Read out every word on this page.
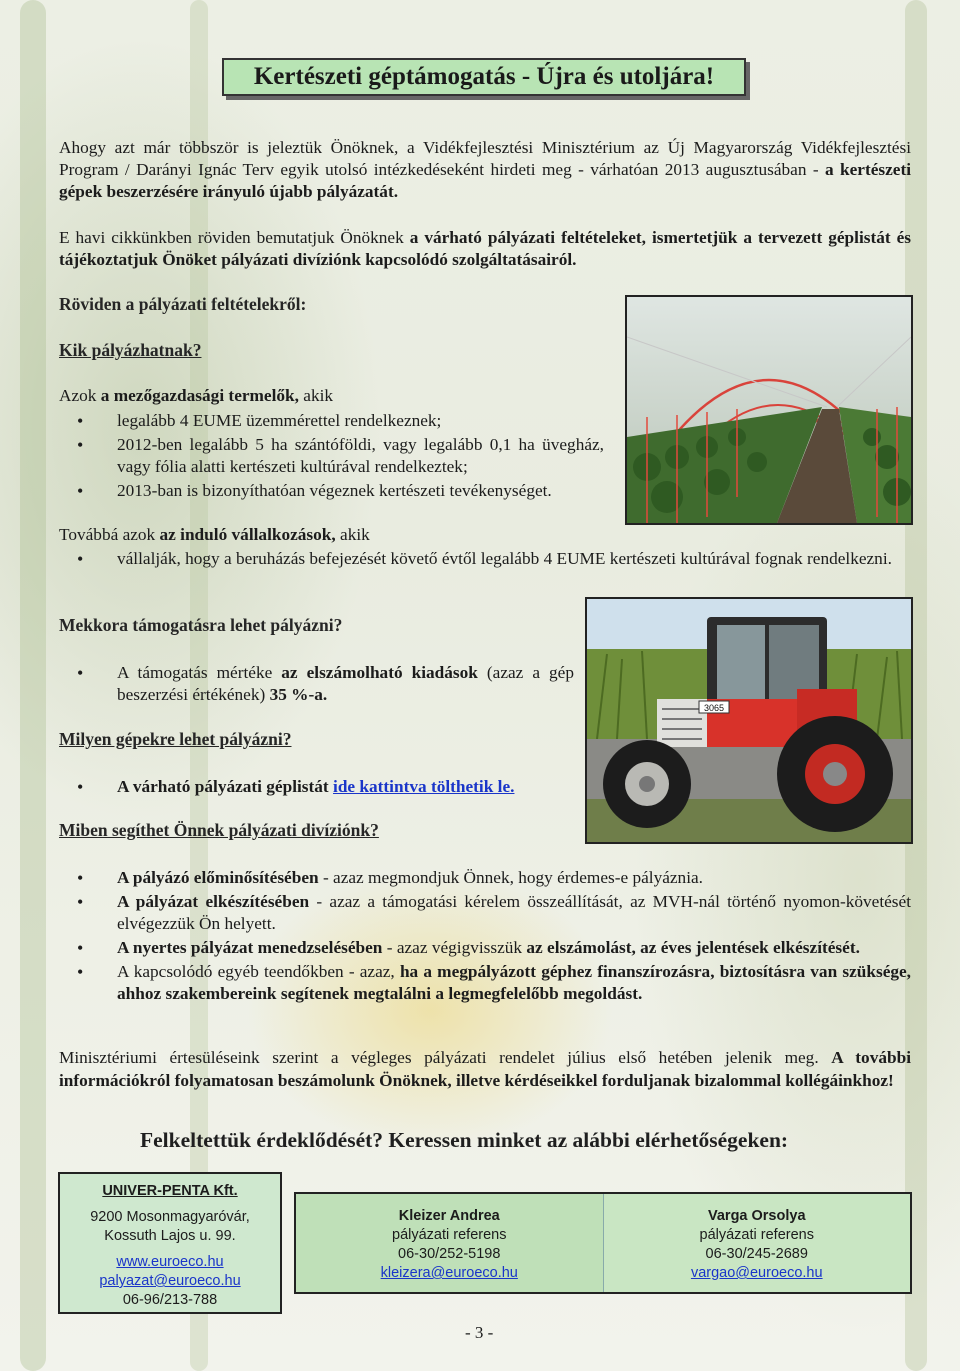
Kertészeti géptámogatás - Újra és utoljára!
Ahogy azt már többször is jeleztük Önöknek, a Vidékfejlesztési Minisztérium az Új Magyarország Vidékfejlesztési Program / Darányi Ignác Terv egyik utolsó intézkedéseként hirdeti meg - várhatóan 2013 augusztusában - a kertészeti gépek beszerzésére irányuló újabb pályázatát.
E havi cikkünkben röviden bemutatjuk Önöknek a várható pályázati feltételeket, ismertetjük a tervezett géplistát és tájékoztatjuk Önöket pályázati divíziónk kapcsolódó szolgáltatásairól.
Röviden a pályázati feltételekről:
Kik pályázhatnak?
Azok a mezőgazdasági termelők, akik
• legalább 4 EUME üzemmérettel rendelkeznek;
• 2012-ben legalább 5 ha szántóföldi, vagy legalább 0,1 ha üvegház, vagy fólia alatti kertészeti kultúrával rendelkeztek;
• 2013-ban is bizonyíthatóan végeznek kertészeti tevékenységet.
Továbbá azok az induló vállalkozások, akik
• vállalják, hogy a beruházás befejezését követő évtől legalább 4 EUME kertészeti kultúrával fognak rendelkezni.
Mekkora támogatásra lehet pályázni?
• A támogatás mértéke az elszámolható kiadások (azaz a gép beszerzési értékének) 35 %-a.
3065
Milyen gépekre lehet pályázni?
• A várható pályázati géplistát ide kattintva tölthetik le.
Miben segíthet Önnek pályázati divíziónk?
• A pályázó előminősítésében - azaz megmondjuk Önnek, hogy érdemes-e pályáznia.
• A pályázat elkészítésében - azaz a támogatási kérelem összeállítását, az MVH-nál történő nyomon-követését elvégezzük Ön helyett.
• A nyertes pályázat menedzselésében - azaz végigvisszük az elszámolást, az éves jelentések elkészítését.
• A kapcsolódó egyéb teendőkben - azaz, ha a megpályázott géphez finanszírozásra, biztosításra van szüksége, ahhoz szakembereink segítenek megtalálni a legmegfelelőbb megoldást.
Minisztériumi értesüléseink szerint a végleges pályázati rendelet július első hetében jelenik meg. A további információkról folyamatosan beszámolunk Önöknek, illetve kérdéseikkel forduljanak bizalommal kollégáinkhoz!
Felkeltettük érdeklődését? Keressen minket az alábbi elérhetőségeken:
UNIVER-PENTA Kft.
9200 Mosonmagyaróvár,
Kossuth Lajos u. 99.
www.euroeco.hu
palyazat@euroeco.hu
06-96/213-788
Kleizer Andrea
pályázati referens
06-30/252-5198
kleizera@euroeco.hu
Varga Orsolya
pályázati referens
06-30/245-2689
vargao@euroeco.hu
- 3 -
